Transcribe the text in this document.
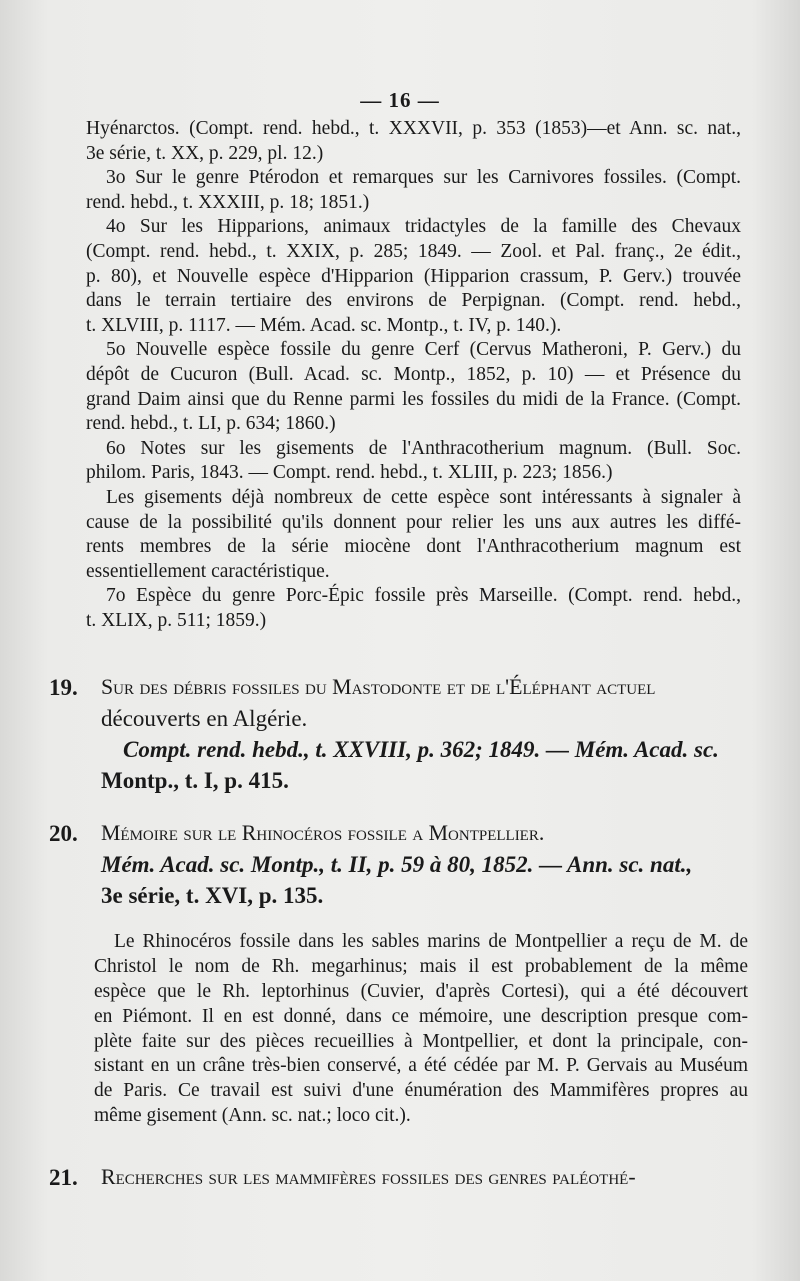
— 16 —
Hyénarctos. (Compt. rend. hebd., t. XXXVII, p. 353 (1853)—et Ann. sc. nat.,
3e série, t. XX, p. 229, pl. 12.)
3o Sur le genre Ptérodon et remarques sur les Carnivores fossiles. (Compt.
rend. hebd., t. XXXIII, p. 18; 1851.)
4o Sur les Hipparions, animaux tridactyles de la famille des Chevaux
(Compt. rend. hebd., t. XXIX, p. 285; 1849. — Zool. et Pal. franç., 2e édit.,
p. 80), et Nouvelle espèce d'Hipparion (Hipparion crassum, P. Gerv.) trouvée
dans le terrain tertiaire des environs de Perpignan. (Compt. rend. hebd.,
t. XLVIII, p. 1117. — Mém. Acad. sc. Montp., t. IV, p. 140.).
5o Nouvelle espèce fossile du genre Cerf (Cervus Matheroni, P. Gerv.) du
dépôt de Cucuron (Bull. Acad. sc. Montp., 1852, p. 10) — et Présence du
grand Daim ainsi que du Renne parmi les fossiles du midi de la France. (Compt.
rend. hebd., t. LI, p. 634; 1860.)
6o Notes sur les gisements de l'Anthracotherium magnum. (Bull. Soc.
philom. Paris, 1843. — Compt. rend. hebd., t. XLIII, p. 223; 1856.)
Les gisements déjà nombreux de cette espèce sont intéressants à signaler à
cause de la possibilité qu'ils donnent pour relier les uns aux autres les diffé-
rents membres de la série miocène dont l'Anthracotherium magnum est
essentiellement caractéristique.
7o Espèce du genre Porc-Épic fossile près Marseille. (Compt. rend. hebd.,
t. XLIX, p. 511; 1859.)
19. Sur des débris fossiles du Mastodonte et de l'Éléphant actuel
découverts en Algérie.
Compt. rend. hebd., t. XXVIII, p. 362; 1849. — Mém. Acad. sc.
Montp., t. I, p. 415.
20. Mémoire sur le Rhinocéros fossile a Montpellier.
Mém. Acad. sc. Montp., t. II, p. 59 à 80, 1852. — Ann. sc. nat.,
3e série, t. XVI, p. 135.
Le Rhinocéros fossile dans les sables marins de Montpellier a reçu de M. de
Christol le nom de Rh. megarhinus; mais il est probablement de la même
espèce que le Rh. leptorhinus (Cuvier, d'après Cortesi), qui a été découvert
en Piémont. Il en est donné, dans ce mémoire, une description presque com-
plète faite sur des pièces recueillies à Montpellier, et dont la principale, con-
sistant en un crâne très-bien conservé, a été cédée par M. P. Gervais au Muséum
de Paris. Ce travail est suivi d'une énumération des Mammifères propres au
même gisement (Ann. sc. nat.; loco cit.).
21. Recherches sur les mammifères fossiles des genres paléothé-
